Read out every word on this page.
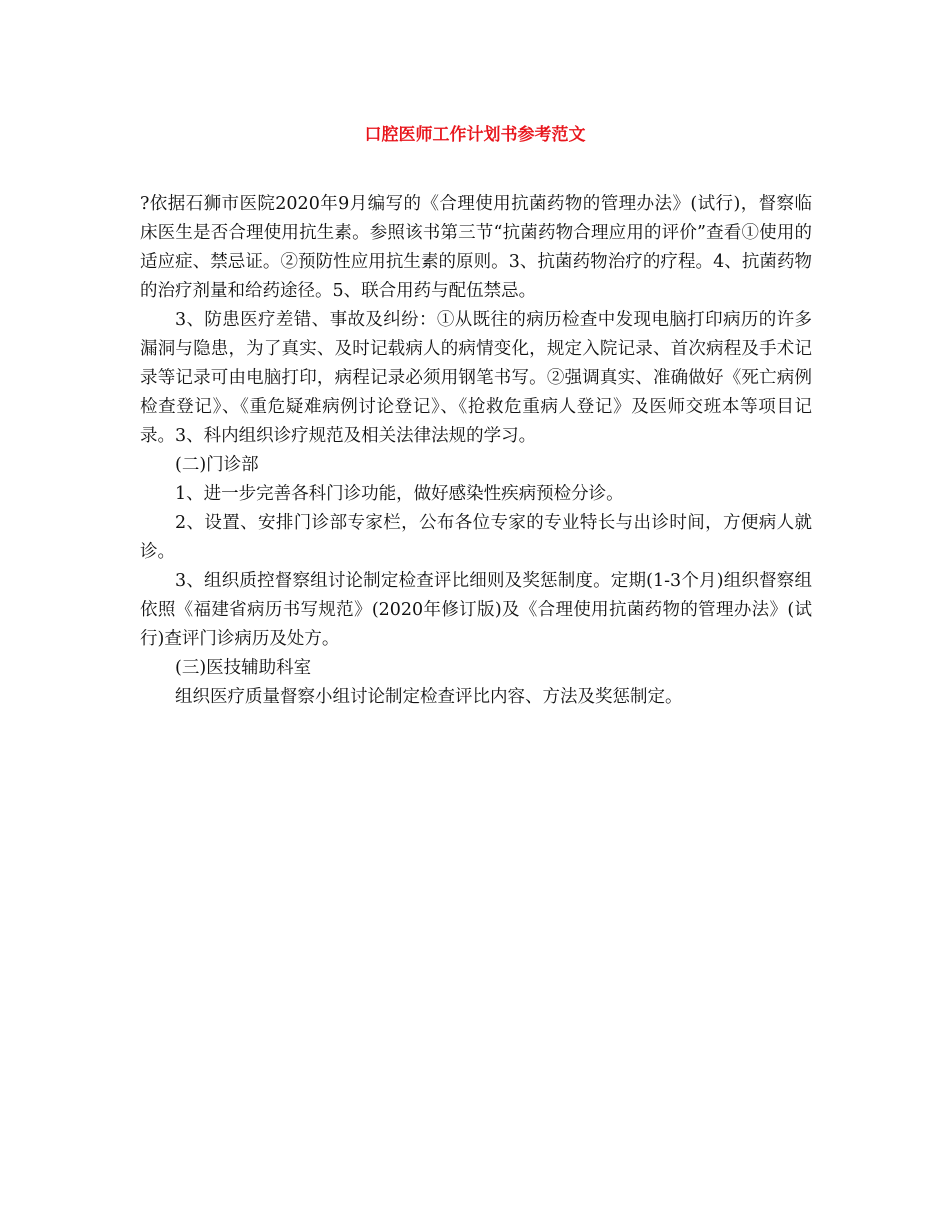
口腔医师工作计划书参考范文

?依据石狮市医院2020年9月编写的《合理使用抗菌药物的管理办法》(试行)，督察临床医生是否合理使用抗生素。参照该书第三节“抗菌药物合理应用的评价”查看①使用的适应症、禁忌证。②预防性应用抗生素的原则。3、抗菌药物治疗的疗程。4、抗菌药物的治疗剂量和给药途径。5、联合用药与配伍禁忌。

3、防患医疗差错、事故及纠纷：①从既往的病历检查中发现电脑打印病历的许多漏洞与隐患，为了真实、及时记载病人的病情变化，规定入院记录、首次病程及手术记录等记录可由电脑打印，病程记录必须用钢笔书写。②强调真实、准确做好《死亡病例检查登记》、《重危疑难病例讨论登记》、《抢救危重病人登记》及医师交班本等项目记录。3、科内组织诊疗规范及相关法律法规的学习。

(二)门诊部

1、进一步完善各科门诊功能，做好感染性疾病预检分诊。

2、设置、安排门诊部专家栏，公布各位专家的专业特长与出诊时间，方便病人就诊。

3、组织质控督察组讨论制定检查评比细则及奖惩制度。定期(1-3个月)组织督察组依照《福建省病历书写规范》(2020年修订版)及《合理使用抗菌药物的管理办法》(试行)查评门诊病历及处方。

(三)医技辅助科室

组织医疗质量督察小组讨论制定检查评比内容、方法及奖惩制定。
